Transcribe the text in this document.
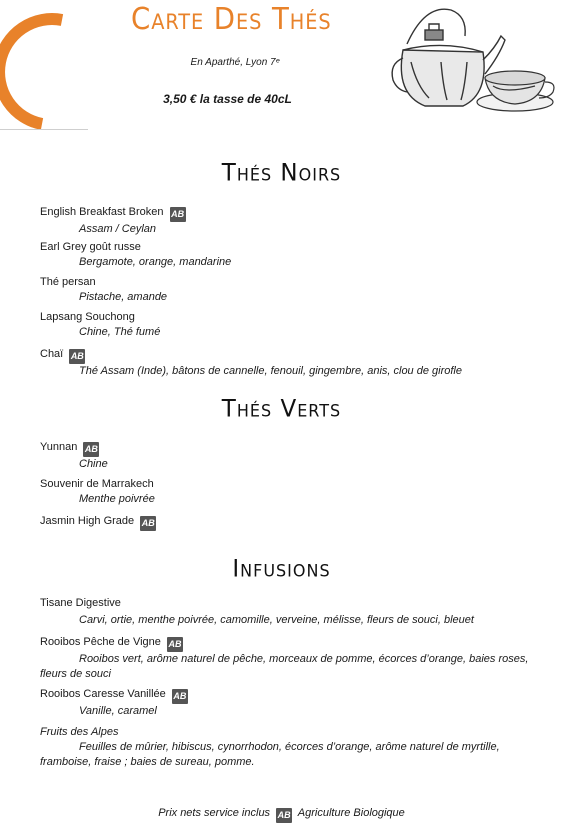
Carte Des Thés
En Aparthé, Lyon 7ᵉ
3,50 € la tasse de 40cL
Thés Noirs
English Breakfast Broken AB
Assam / Ceylan
Earl Grey goût russe
Bergamote, orange, mandarine
Thé persan
Pistache, amande
Lapsang Souchong
Chine, Thé fumé
Chaï AB
Thé Assam (Inde), bâtons de cannelle, fenouil, gingembre, anis, clou de girofle
Thés Verts
Yunnan AB
Chine
Souvenir de Marrakech
Menthe poivrée
Jasmin High Grade AB
Infusions
Tisane Digestive
Carvi, ortie, menthe poivrée, camomille, verveine, mélisse, fleurs de souci, bleuet
Rooibos Pêche de Vigne AB
Rooibos vert, arôme naturel de pêche, morceaux de pomme, écorces d’orange, baies roses, fleurs de souci
Rooibos Caresse Vanillée AB
Vanille, caramel
Fruits des Alpes
Feuilles de mûrier, hibiscus, cynorrhodon, écorces d’orange, arôme naturel de myrtille, framboise, fraise ; baies de sureau, pomme.
Prix nets service inclus AB Agriculture Biologique
